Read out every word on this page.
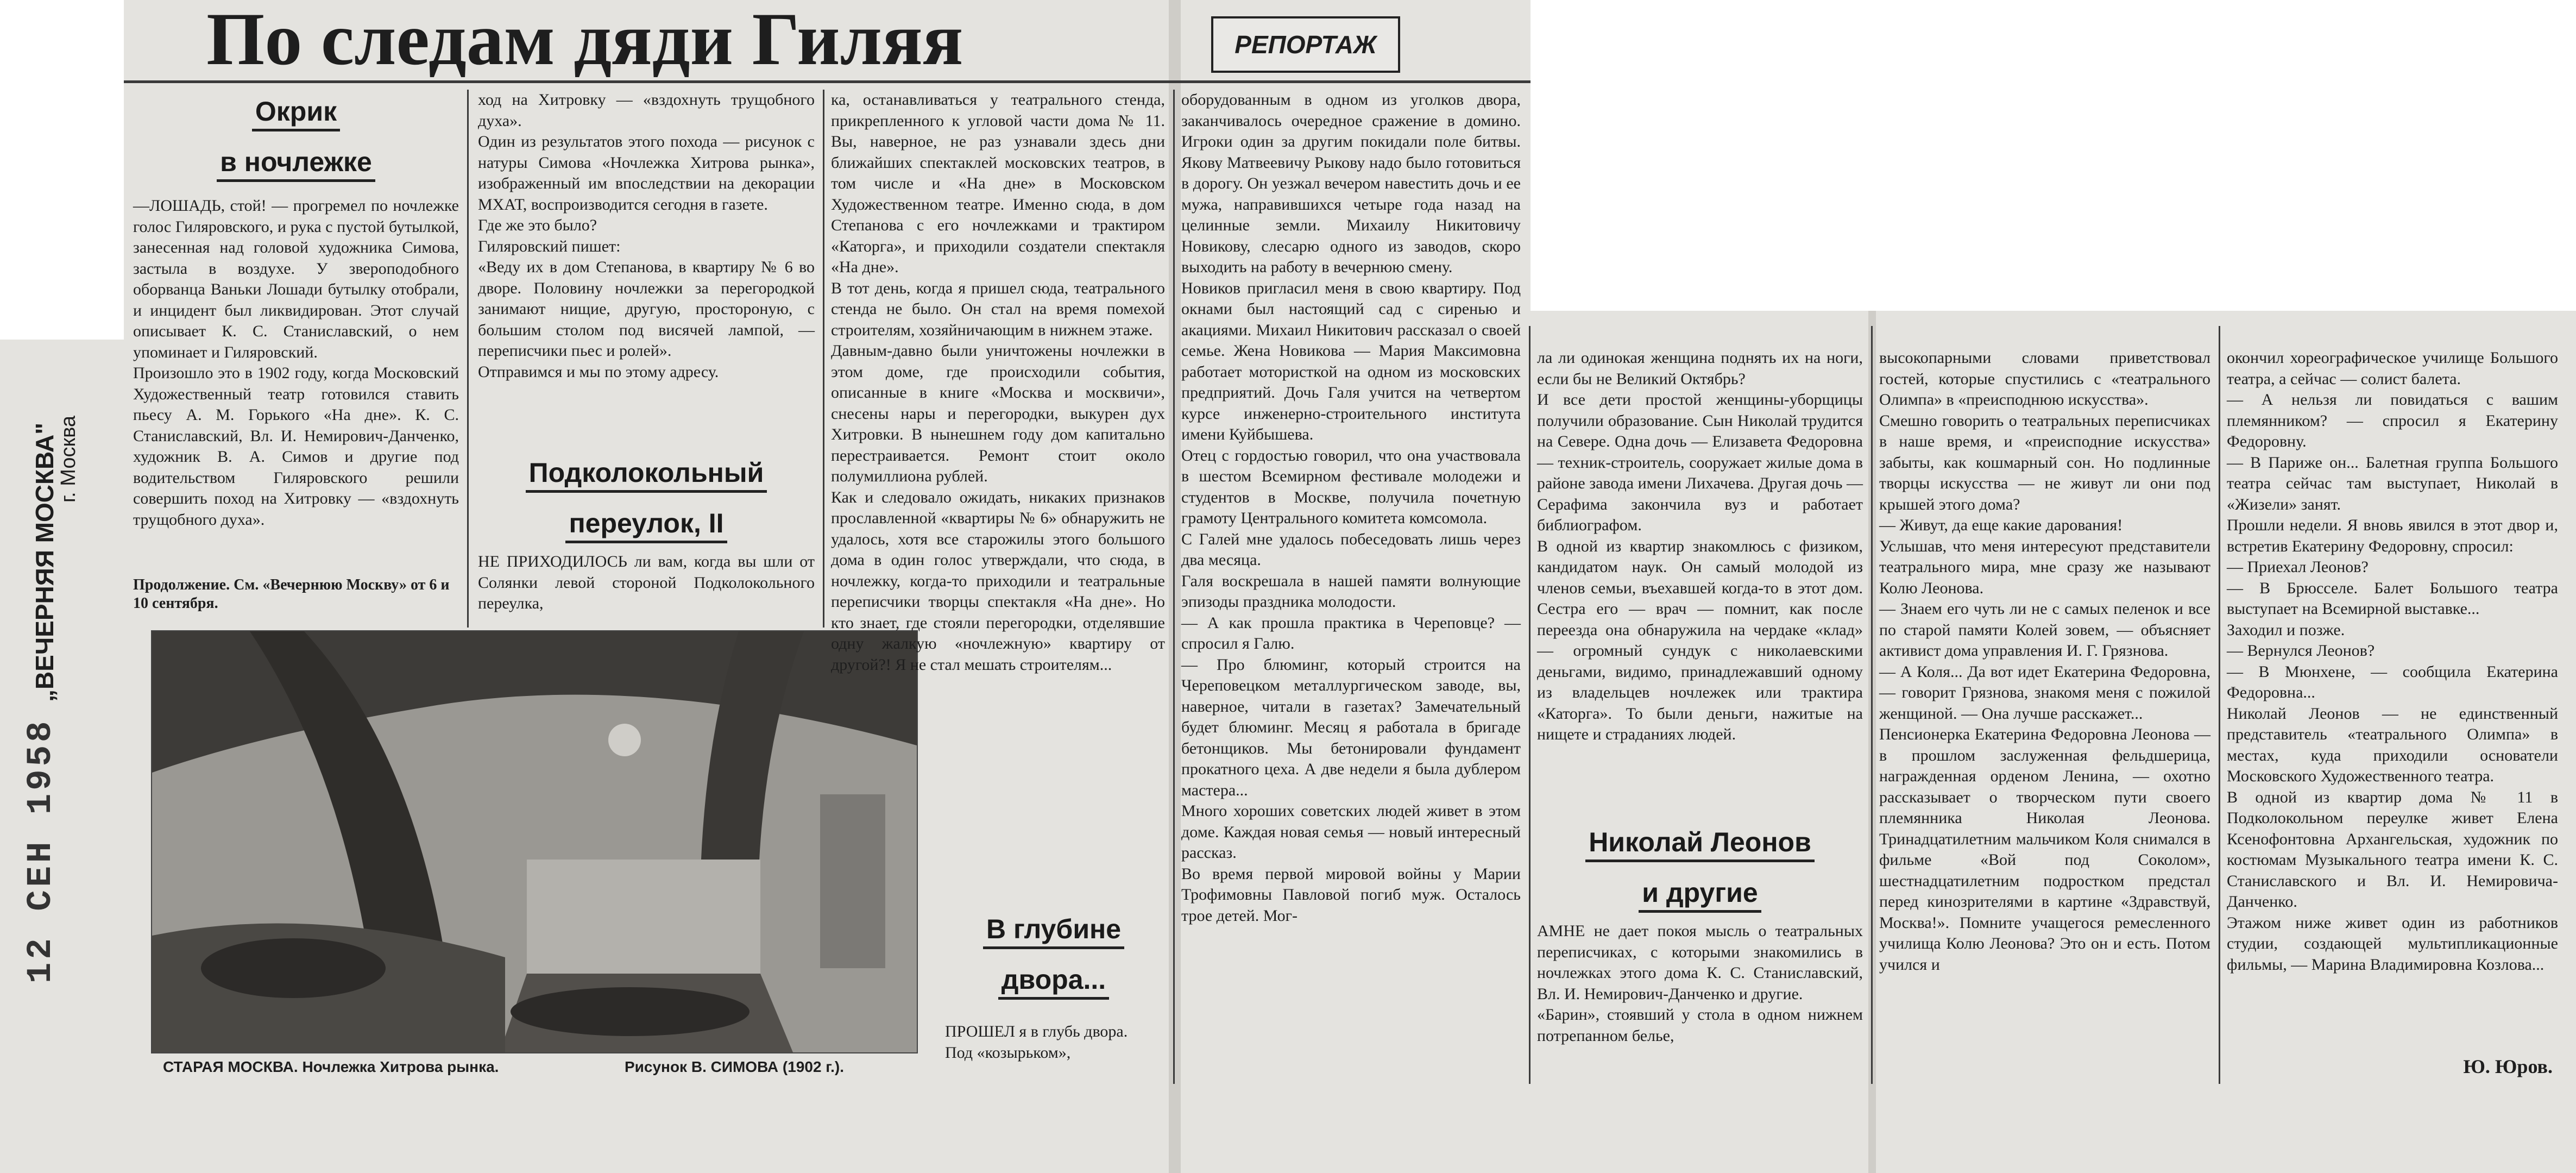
„ВЕЧЕРНЯЯ МОСКВА"
г. Москва
12 СЕН 1958
По следам дяди Гиляя	РЕПОРТАЖ
Окрик
в ночлежке
—ЛОШАДЬ, стой! — прогремел по ночлежке голос Гиляровского, и рука с пустой бутылкой, занесенная над головой художника Симова, застыла в воздухе. У звероподобного оборванца Ваньки Лошади бутылку отобрали, и инцидент был ликвидирован. Этот случай описывает К. С. Станиславский, о нем упоминает и Гиляровский.
Произошло это в 1902 году, когда Московский Художественный театр готовился ставить пьесу А. М. Горького «На дне». К. С. Станиславский, Вл. И. Немирович-Данченко, художник В. А. Симов и другие под водительством Гиляровского решили совершить поход на Хитровку — «вздохнуть трущобного духа».
Продолжение. См. «Вечернюю Москву» от 6 и 10 сентября.
ход на Хитровку — «вздохнуть трущобного духа».
Один из результатов этого похода — рисунок с натуры Симова «Ночлежка Хитрова рынка», изображенный им впоследствии на декорации МХАТ, воспроизводится сегодня в газете.
Где же это было?
Гиляровский пишет:
«Веду их в дом Степанова, в квартиру № 6 во дворе. Половину ночлежки за перегородкой занимают нищие, другую, простороную, с большим столом под висячей лампой, — переписчики пьес и ролей».
Отправимся и мы по этому адресу.
Подколокольный
переулок, II
НЕ ПРИХОДИЛОСЬ ли вам, когда вы шли от Солянки левой стороной Подколокольного переулка,
СТАРАЯ МОСКВА. Ночлежка Хитрова рынка.	Рисунок В. СИМОВА (1902 г.).
ка, останавливаться у театрального стенда, прикрепленного к угловой части дома № 11. Вы, наверное, не раз узнавали здесь дни ближайших спектаклей московских театров, в том числе и «На дне» в Московском Художественном театре. Именно сюда, в дом Степанова с его ночлежками и трактиром «Каторга», и приходили создатели спектакля «На дне».
В тот день, когда я пришел сюда, театрального стенда не было. Он стал на время помехой строителям, хозяйничающим в нижнем этаже.
Давным-давно были уничтожены ночлежки в этом доме, где происходили события, описанные в книге «Москва и москвичи», снесены нары и перегородки, выкурен дух Хитровки. В нынешнем году дом капитально перестраивается. Ремонт стоит около полумиллиона рублей.
Как и следовало ожидать, никаких признаков прославленной «квартиры № 6» обнаружить не удалось, хотя все старожилы этого большого дома в один голос утверждали, что сюда, в ночлежку, когда-то приходили и театральные переписчики творцы спектакля «На дне». Но кто знает, где стояли перегородки, отделявшие одну жалкую «ночлежную» квартиру от другой?! Я не стал мешать строителям...
В глубине
двора...
ПРОШЕЛ я в глубь двора.
Под «козырьком»,
оборудованным в одном из уголков двора, заканчивалось очередное сражение в домино. Игроки один за другим покидали поле битвы. Якову Матвеевичу Рыкову надо было готовиться в дорогу. Он уезжал вечером навестить дочь и ее мужа, направившихся четыре года назад на целинные земли. Михаилу Никитовичу Новикову, слесарю одного из заводов, скоро выходить на работу в вечернюю смену.
Новиков пригласил меня в свою квартиру. Под окнами был настоящий сад с сиренью и акациями. Михаил Никитович рассказал о своей семье. Жена Новикова — Мария Максимовна работает мотористкой на одном из московских предприятий. Дочь Галя учится на четвертом курсе инженерно-строительного института имени Куйбышева.
Отец с гордостью говорил, что она участвовала в шестом Всемирном фестивале молодежи и студентов в Москве, получила почетную грамоту Центрального комитета комсомола.
С Галей мне удалось побеседовать лишь через два месяца.
Галя воскрешала в нашей памяти волнующие эпизоды праздника молодости.
— А как прошла практика в Череповце? — спросил я Галю.
— Про блюминг, который строится на Череповецком металлургическом заводе, вы, наверное, читали в газетах? Замечательный будет блюминг. Месяц я работала в бригаде бетонщиков. Мы бетонировали фундамент прокатного цеха. А две недели я была дублером мастера...
Много хороших советских людей живет в этом доме. Каждая новая семья — новый интересный рассказ.
Во время первой мировой войны у Марии Трофимовны Павловой погиб муж. Осталось трое детей. Мог-
ла ли одинокая женщина поднять их на ноги, если бы не Великий Октябрь?
И все дети простой женщины-уборщицы получили образование. Сын Николай трудится на Севере. Одна дочь — Елизавета Федоровна — техник-строитель, сооружает жилые дома в районе завода имени Лихачева. Другая дочь — Серафима закончила вуз и работает библиографом.
В одной из квартир знакомлюсь с физиком, кандидатом наук. Он самый молодой из членов семьи, въехавшей когда-то в этот дом. Сестра его — врач — помнит, как после переезда она обнаружила на чердаке «клад» — огромный сундук с николаевскими деньгами, видимо, принадлежавший одному из владельцев ночлежек или трактира «Каторга». То были деньги, нажитые на нищете и страданиях людей.
Николай Леонов
и другие
АМНЕ не дает покоя мысль о театральных переписчиках, с которыми знакомились в ночлежках этого дома К. С. Станиславский, Вл. И. Немирович-Данченко и другие.
«Барин», стоявший у стола в одном нижнем потрепанном белье,
высокопарными словами приветствовал гостей, которые спустились с «театрального Олимпа» в «преисподнюю искусства».
Смешно говорить о театральных переписчиках в наше время, и «преисподние искусства» забыты, как кошмарный сон. Но подлинные творцы искусства — не живут ли они под крышей этого дома?
— Живут, да еще какие дарования!
Услышав, что меня интересуют представители театрального мира, мне сразу же называют Колю Леонова.
— Знаем его чуть ли не с самых пеленок и все по старой памяти Колей зовем, — объясняет активист дома управления И. Г. Грязнова.
— А Коля... Да вот идет Екатерина Федоровна, — говорит Грязнова, знакомя меня с пожилой женщиной. — Она лучше расскажет...
Пенсионерка Екатерина Федоровна Леонова — в прошлом заслуженная фельдшерица, награжденная орденом Ленина, — охотно рассказывает о творческом пути своего племянника Николая Леонова. Тринадцатилетним мальчиком Коля снимался в фильме «Вой под Соколом», шестнадцатилетним подростком предстал перед кинозрителями в картине «Здравствуй, Москва!». Помните учащегося ремесленного училища Колю Леонова? Это он и есть. Потом учился и
окончил хореографическое училище Большого театра, а сейчас — солист балета.
— А нельзя ли повидаться с вашим племянником? — спросил я Екатерину Федоровну.
— В Париже он... Балетная группа Большого театра сейчас там выступает, Николай в «Жизели» занят.
Прошли недели. Я вновь явился в этот двор и, встретив Екатерину Федоровну, спросил:
— Приехал Леонов?
— В Брюсселе. Балет Большого театра выступает на Всемирной выставке...
Заходил и позже.
— Вернулся Леонов?
— В Мюнхене, — сообщила Екатерина Федоровна...
Николай Леонов — не единственный представитель «театрального Олимпа» в местах, куда приходили основатели Московского Художественного театра.
В одной из квартир дома № 11 в Подколокольном переулке живет Елена Ксенофонтовна Архангельская, художник по костюмам Музыкального театра имени К. С. Станиславского и Вл. И. Немировича-Данченко.
Этажом ниже живет один из работников студии, создающей мультипликационные фильмы, — Марина Владимировна Козлова...
Ю. Юров.
